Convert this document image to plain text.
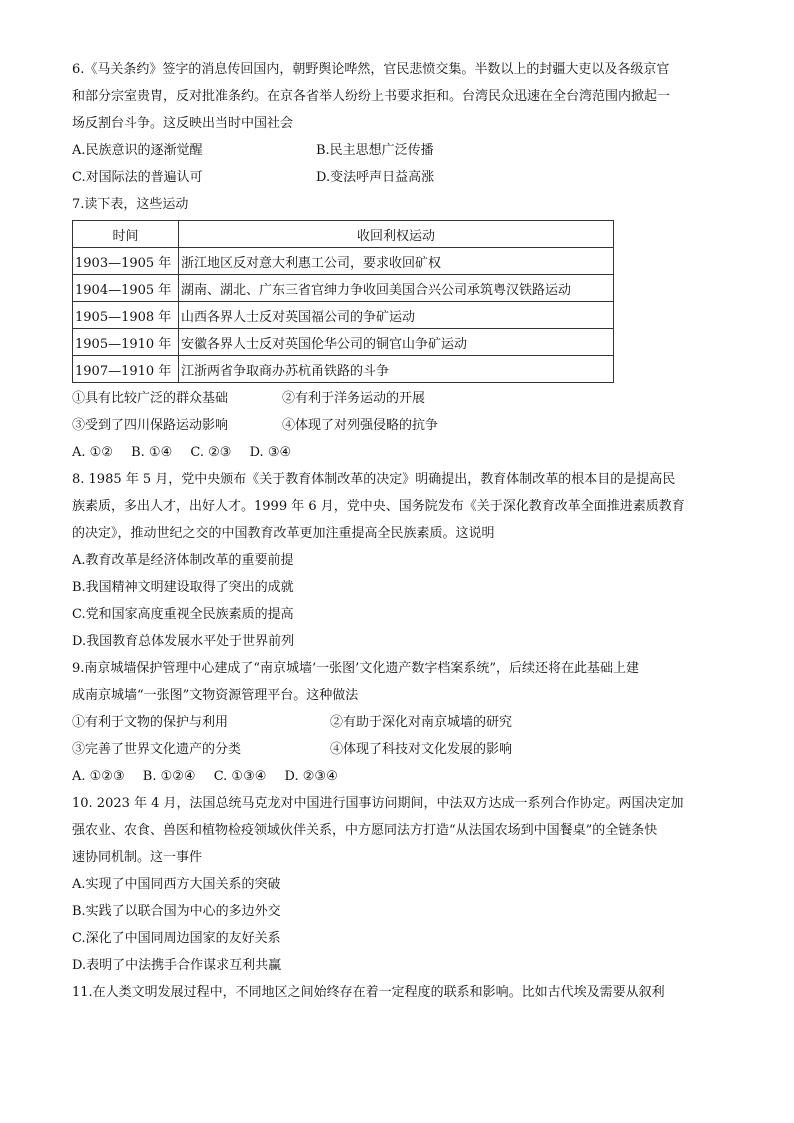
6.《马关条约》签字的消息传回国内，朝野舆论哗然，官民悲愤交集。半数以上的封疆大吏以及各级京官
和部分宗室贵胄，反对批准条约。在京各省举人纷纷上书要求拒和。台湾民众迅速在全台湾范围内掀起一
场反割台斗争。这反映出当时中国社会
A.民族意识的逐渐觉醒	B.民主思想广泛传播
C.对国际法的普遍认可	D.变法呼声日益高涨
7.读下表，这些运动
时间	收回利权运动
1903—1905 年	浙江地区反对意大利惠工公司，要求收回矿权
1904—1905 年	湖南、湖北、广东三省官绅力争收回美国合兴公司承筑粤汉铁路运动
1905—1908 年	山西各界人士反对英国福公司的争矿运动
1905—1910 年	安徽各界人士反对英国伦华公司的铜官山争矿运动
1907—1910 年	江浙两省争取商办苏杭甬铁路的斗争
①具有比较广泛的群众基础	②有利于洋务运动的开展
③受到了四川保路运动影响	④体现了对列强侵略的抗争
A. ①② B. ①④ C. ②③ D. ③④
8. 1985 年 5 月，党中央颁布《关于教育体制改革的决定》明确提出，教育体制改革的根本目的是提高民
族素质，多出人才，出好人才。1999 年 6 月，党中央、国务院发布《关于深化教育改革全面推进素质教育
的决定》，推动世纪之交的中国教育改革更加注重提高全民族素质。这说明
A.教育改革是经济体制改革的重要前提
B.我国精神文明建设取得了突出的成就
C.党和国家高度重视全民族素质的提高
D.我国教育总体发展水平处于世界前列
9.南京城墙保护管理中心建成了“南京城墙‘一张图’文化遗产数字档案系统”，后续还将在此基础上建
成南京城墙“一张图”文物资源管理平台。这种做法
①有利于文物的保护与利用	②有助于深化对南京城墙的研究
③完善了世界文化遗产的分类	④体现了科技对文化发展的影响
A. ①②③ B. ①②④ C. ①③④ D. ②③④
10. 2023 年 4 月，法国总统马克龙对中国进行国事访问期间，中法双方达成一系列合作协定。两国决定加
强农业、农食、兽医和植物检疫领域伙伴关系，中方愿同法方打造“从法国农场到中国餐桌”的全链条快
速协同机制。这一事件
A.实现了中国同西方大国关系的突破
B.实践了以联合国为中心的多边外交
C.深化了中国同周边国家的友好关系
D.表明了中法携手合作谋求互利共赢
11.在人类文明发展过程中，不同地区之间始终存在着一定程度的联系和影响。比如古代埃及需要从叙利
